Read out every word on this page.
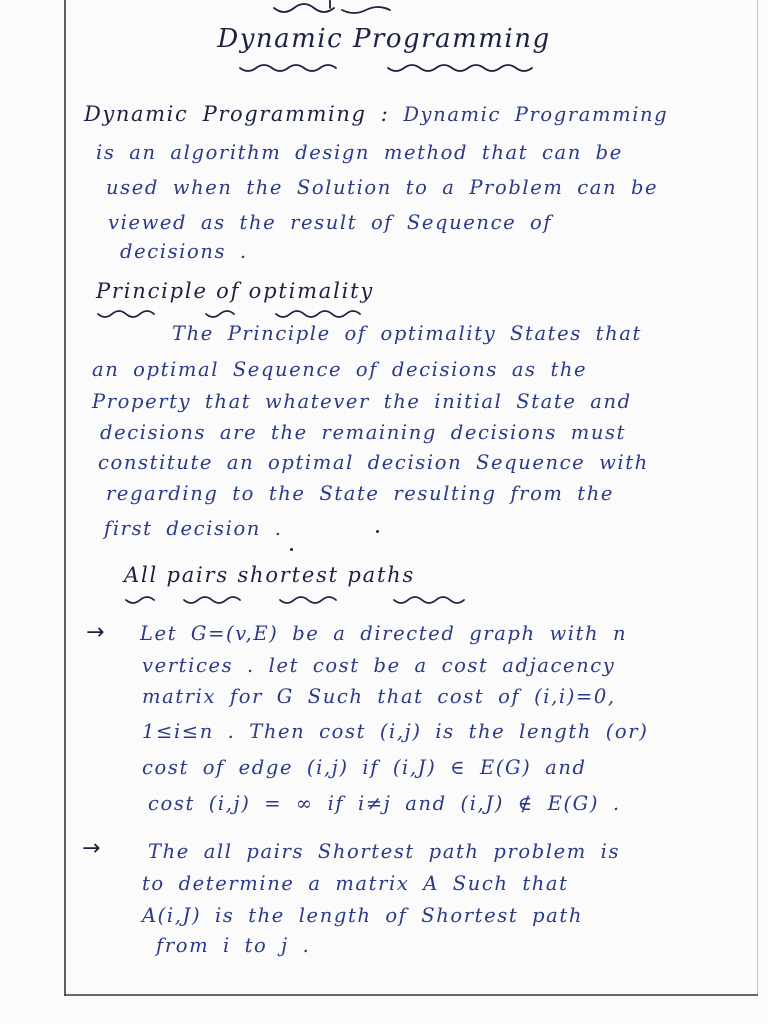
Dynamic Programming
Dynamic Programming : Dynamic Programming
is an algorithm design method that can be
used when the Solution to a Problem can be
viewed as the result of Sequence of
decisions .
Principle of optimality
The Principle of optimality States that
an optimal Sequence of decisions as the
Property that whatever the initial State and
decisions are the remaining decisions must
constitute an optimal decision Sequence with
regarding to the State resulting from the
first decision .
All pairs shortest paths
→ Let G=(v,E) be a directed graph with n
vertices . let cost be a cost adjacency
matrix for G Such that cost of (i,i)=0,
1≤i≤n . Then cost (i,j) is the length (or)
cost of edge (i,j) if (i,J) ∈ E(G) and
cost (i,j) = ∞ if i≠j and (i,J) ∉ E(G) .
→ The all pairs Shortest path problem is
to determine a matrix A Such that
A(i,J) is the length of Shortest path
from i to j .
